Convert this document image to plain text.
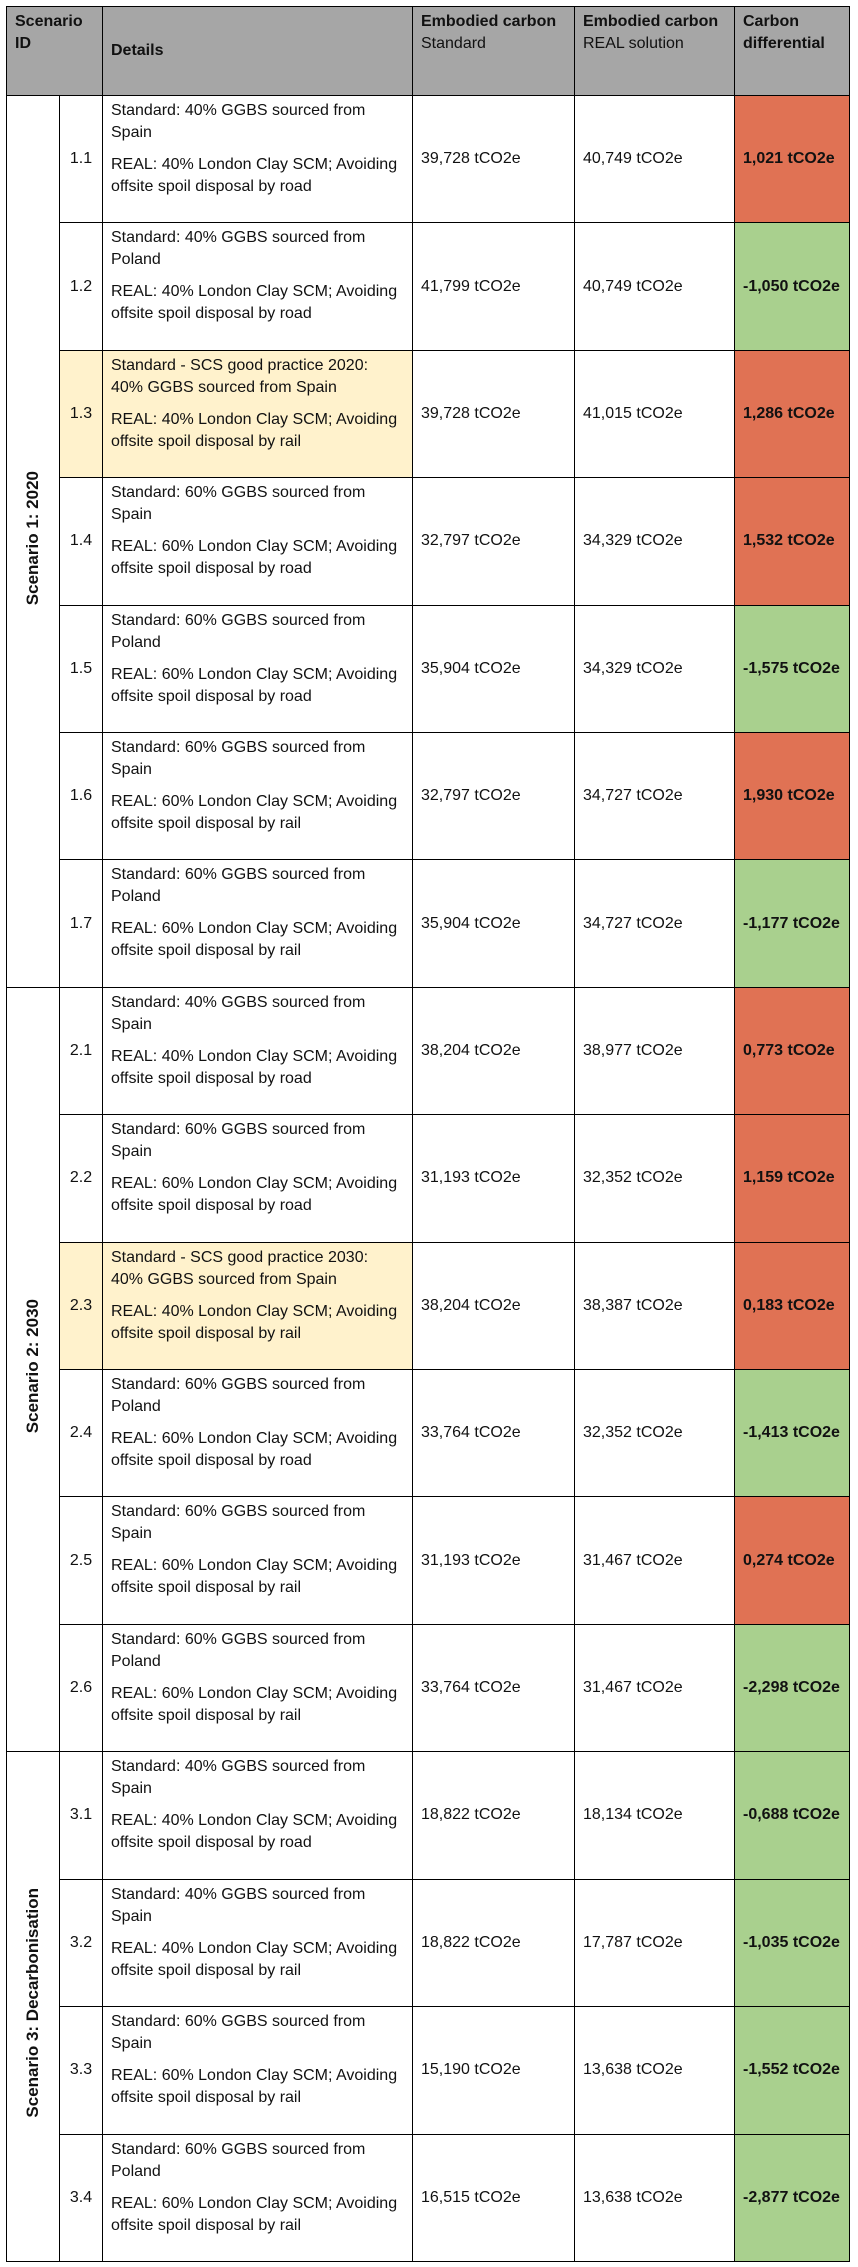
Scenario ID		Details	Embodied carbon
Standard	Embodied carbon
REAL solution	Carbon differential
Scenario 1: 2020	1.1	Standard: 40% GGBS sourced from Spain

REAL: 40% London Clay SCM; Avoiding offsite spoil disposal by road	39,728 tCO2e	40,749 tCO2e	1,021 tCO2e
	1.2	Standard: 40% GGBS sourced from Poland

REAL: 40% London Clay SCM; Avoiding offsite spoil disposal by road	41,799 tCO2e	40,749 tCO2e	-1,050 tCO2e
	1.3	Standard - SCS good practice 2020: 40% GGBS sourced from Spain

REAL: 40% London Clay SCM; Avoiding offsite spoil disposal by rail	39,728 tCO2e	41,015 tCO2e	1,286 tCO2e
	1.4	Standard: 60% GGBS sourced from Spain

REAL: 60% London Clay SCM; Avoiding offsite spoil disposal by road	32,797 tCO2e	34,329 tCO2e	1,532 tCO2e
	1.5	Standard: 60% GGBS sourced from Poland

REAL: 60% London Clay SCM; Avoiding offsite spoil disposal by road	35,904 tCO2e	34,329 tCO2e	-1,575 tCO2e
	1.6	Standard: 60% GGBS sourced from Spain

REAL: 60% London Clay SCM; Avoiding offsite spoil disposal by rail	32,797 tCO2e	34,727 tCO2e	1,930 tCO2e
	1.7	Standard: 60% GGBS sourced from Poland

REAL: 60% London Clay SCM; Avoiding offsite spoil disposal by rail	35,904 tCO2e	34,727 tCO2e	-1,177 tCO2e
Scenario 2: 2030	2.1	Standard: 40% GGBS sourced from Spain

REAL: 40% London Clay SCM; Avoiding offsite spoil disposal by road	38,204 tCO2e	38,977 tCO2e	0,773 tCO2e
	2.2	Standard: 60% GGBS sourced from Spain

REAL: 60% London Clay SCM; Avoiding offsite spoil disposal by road	31,193 tCO2e	32,352 tCO2e	1,159 tCO2e
	2.3	Standard - SCS good practice 2030: 40% GGBS sourced from Spain

REAL: 40% London Clay SCM; Avoiding offsite spoil disposal by rail	38,204 tCO2e	38,387 tCO2e	0,183 tCO2e
	2.4	Standard: 60% GGBS sourced from Poland

REAL: 60% London Clay SCM; Avoiding offsite spoil disposal by road	33,764 tCO2e	32,352 tCO2e	-1,413 tCO2e
	2.5	Standard: 60% GGBS sourced from Spain

REAL: 60% London Clay SCM; Avoiding offsite spoil disposal by rail	31,193 tCO2e	31,467 tCO2e	0,274 tCO2e
	2.6	Standard: 60% GGBS sourced from Poland

REAL: 60% London Clay SCM; Avoiding offsite spoil disposal by rail	33,764 tCO2e	31,467 tCO2e	-2,298 tCO2e
Scenario 3: Decarbonisation	3.1	Standard: 40% GGBS sourced from Spain

REAL: 40% London Clay SCM; Avoiding offsite spoil disposal by road	18,822 tCO2e	18,134 tCO2e	-0,688 tCO2e
	3.2	Standard: 40% GGBS sourced from Spain

REAL: 40% London Clay SCM; Avoiding offsite spoil disposal by rail	18,822 tCO2e	17,787 tCO2e	-1,035 tCO2e
	3.3	Standard: 60% GGBS sourced from Spain

REAL: 60% London Clay SCM; Avoiding offsite spoil disposal by rail	15,190 tCO2e	13,638 tCO2e	-1,552 tCO2e
	3.4	Standard: 60% GGBS sourced from Poland

REAL: 60% London Clay SCM; Avoiding offsite spoil disposal by rail	16,515 tCO2e	13,638 tCO2e	-2,877 tCO2e
